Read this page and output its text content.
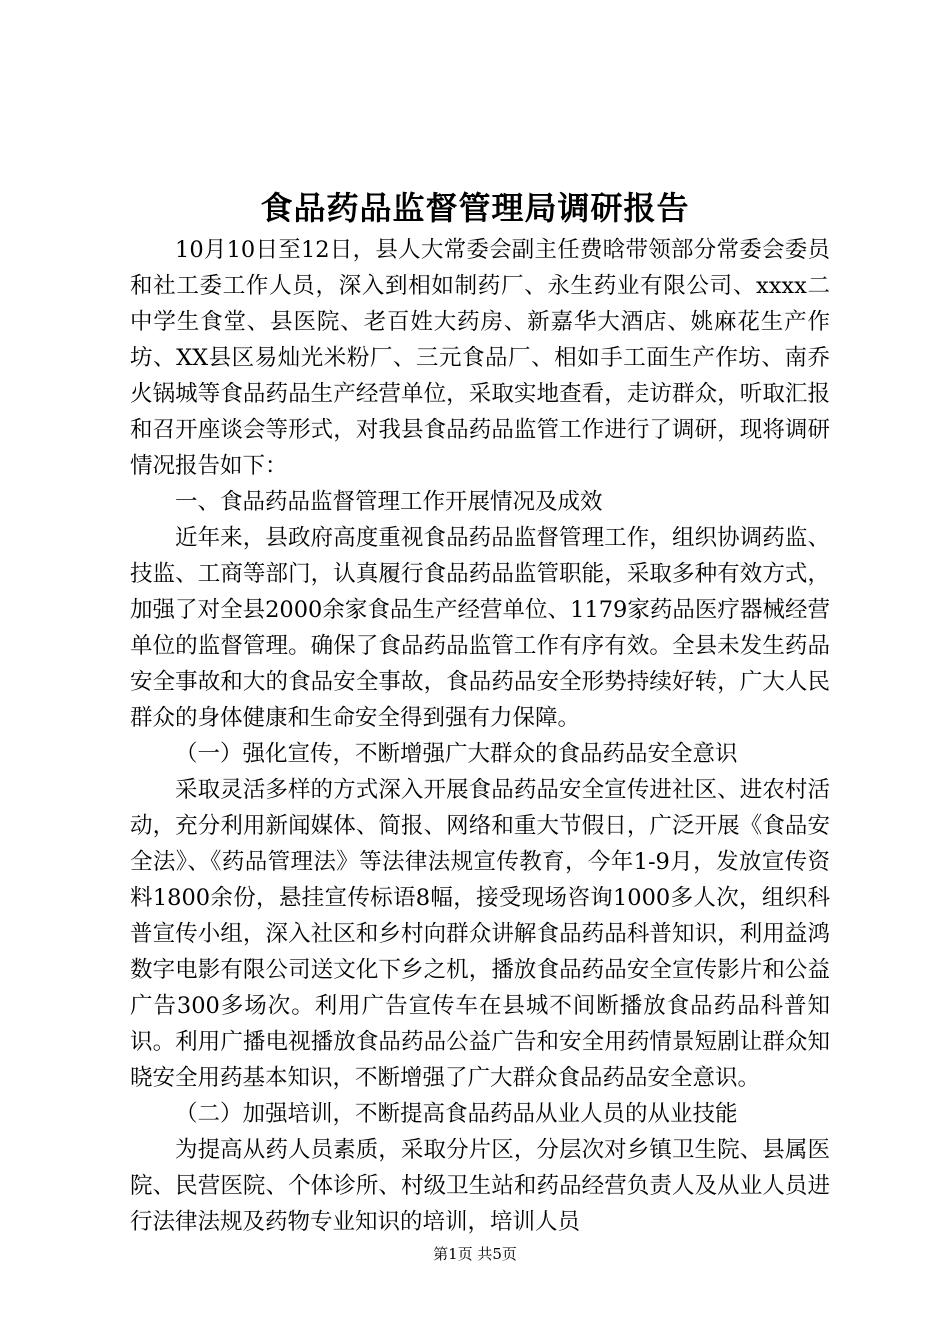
食品药品监督管理局调研报告

10月10日至12日，县人大常委会副主任费晗带领部分常委会委员和社工委工作人员，深入到相如制药厂、永生药业有限公司、xxxx二中学生食堂、县医院、老百姓大药房、新嘉华大酒店、姚麻花生产作坊、XX县区易灿光米粉厂、三元食品厂、相如手工面生产作坊、南乔火锅城等食品药品生产经营单位，采取实地查看，走访群众，听取汇报和召开座谈会等形式，对我县食品药品监管工作进行了调研，现将调研情况报告如下：

一、食品药品监督管理工作开展情况及成效

近年来，县政府高度重视食品药品监督管理工作，组织协调药监、技监、工商等部门，认真履行食品药品监管职能，采取多种有效方式，加强了对全县2000余家食品生产经营单位、1179家药品医疗器械经营单位的监督管理。确保了食品药品监管工作有序有效。全县未发生药品安全事故和大的食品安全事故，食品药品安全形势持续好转，广大人民群众的身体健康和生命安全得到强有力保障。

（一）强化宣传，不断增强广大群众的食品药品安全意识

采取灵活多样的方式深入开展食品药品安全宣传进社区、进农村活动，充分利用新闻媒体、简报、网络和重大节假日，广泛开展《食品安全法》、《药品管理法》等法律法规宣传教育，今年1-9月，发放宣传资料1800余份，悬挂宣传标语8幅，接受现场咨询1000多人次，组织科普宣传小组，深入社区和乡村向群众讲解食品药品科普知识，利用益鸿数字电影有限公司送文化下乡之机，播放食品药品安全宣传影片和公益广告300多场次。利用广告宣传车在县城不间断播放食品药品科普知识。利用广播电视播放食品药品公益广告和安全用药情景短剧让群众知晓安全用药基本知识，不断增强了广大群众食品药品安全意识。

（二）加强培训，不断提高食品药品从业人员的从业技能

为提高从药人员素质，采取分片区，分层次对乡镇卫生院、县属医院、民营医院、个体诊所、村级卫生站和药品经营负责人及从业人员进行法律法规及药物专业知识的培训，培训人员

第1页 共5页
